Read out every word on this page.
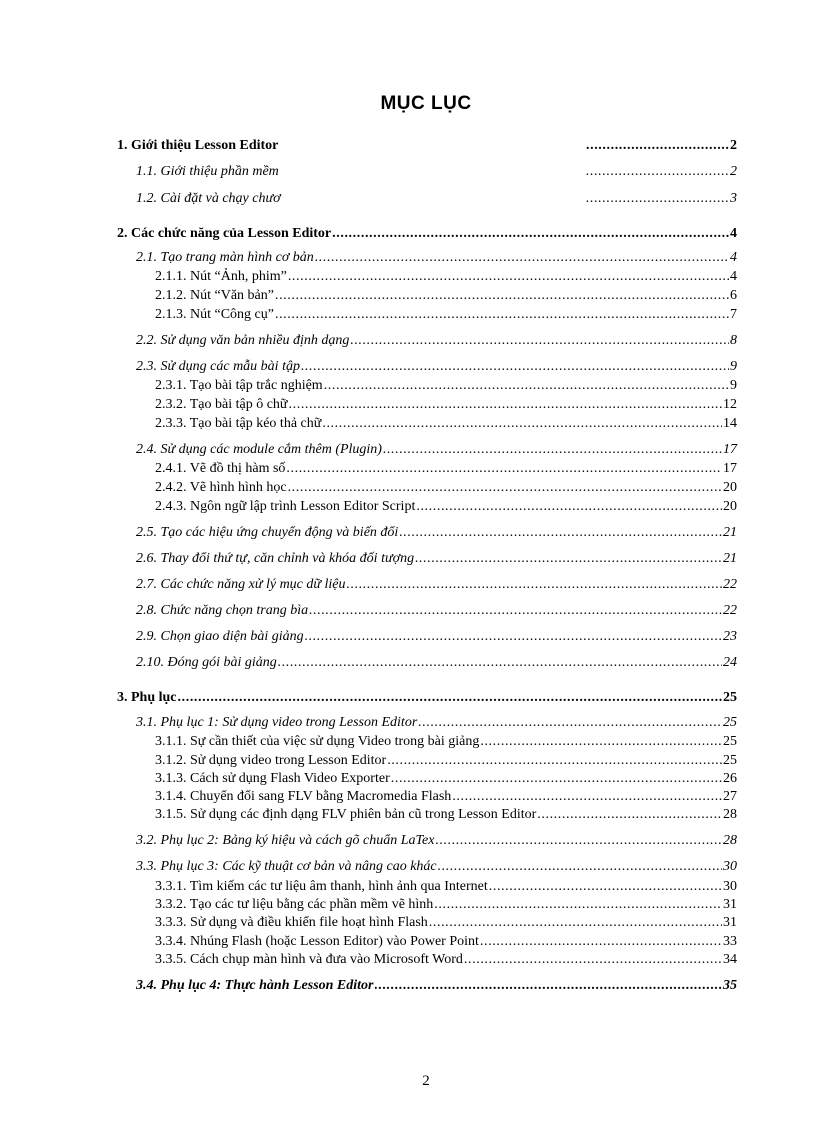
MỤC LỤC
1. Giới thiệu Lesson Editor .....	2
1.1. Giới thiệu phần mềm .....	2
1.2. Cài đặt và chạy chươ .....	3
2. Các chức năng của Lesson Editor .....	4
2.1. Tạo trang màn hình cơ bản .....	4
2.1.1. Nút “Ảnh, phim” .....	4
2.1.2. Nút “Văn bản” .....	6
2.1.3. Nút “Công cụ” .....	7
2.2. Sử dụng văn bản nhiều định dạng .....	8
2.3. Sử dụng các mẫu bài tập .....	9
2.3.1. Tạo bài tập trắc nghiệm .....	9
2.3.2. Tạo bài tập ô chữ .....	12
2.3.3. Tạo bài tập kéo thả chữ .....	14
2.4. Sử dụng các module cắm thêm (Plugin) .....	17
2.4.1. Vẽ đồ thị hàm số .....	17
2.4.2. Vẽ hình hình học .....	20
2.4.3. Ngôn ngữ lập trình Lesson Editor Script .....	20
2.5. Tạo các hiệu ứng chuyển động và biến đổi .....	21
2.6. Thay đổi thứ tự, căn chỉnh và khóa đối tượng .....	21
2.7. Các chức năng xử lý mục dữ liệu .....	22
2.8. Chức năng chọn trang bìa .....	22
2.9. Chọn giao diện bài giảng .....	23
2.10. Đóng gói bài giảng .....	24
3. Phụ lục .....	25
3.1. Phụ lục 1: Sử dụng video trong Lesson Editor .....	25
3.1.1. Sự cần thiết của việc sử dụng Video trong bài giảng .....	25
3.1.2. Sử dụng video trong Lesson Editor .....	25
3.1.3. Cách sử dụng Flash Video Exporter .....	26
3.1.4. Chuyển đổi sang FLV bằng Macromedia Flash .....	27
3.1.5. Sử dụng các định dạng FLV phiên bản cũ trong Lesson Editor .....	28
3.2. Phụ lục 2: Bảng ký hiệu và cách gõ chuẩn LaTex .....	28
3.3. Phụ lục 3: Các kỹ thuật cơ bản và nâng cao khác .....	30
3.3.1. Tìm kiếm các tư liệu âm thanh, hình ảnh qua Internet .....	30
3.3.2. Tạo các tư liệu bằng các phần mềm vẽ hình .....	31
3.3.3. Sử dụng và điều khiển file hoạt hình Flash .....	31
3.3.4. Nhúng Flash (hoặc Lesson Editor) vào Power Point .....	33
3.3.5. Cách chụp màn hình và đưa vào Microsoft Word .....	34
3.4. Phụ lục 4: Thực hành Lesson Editor .....	35
2
